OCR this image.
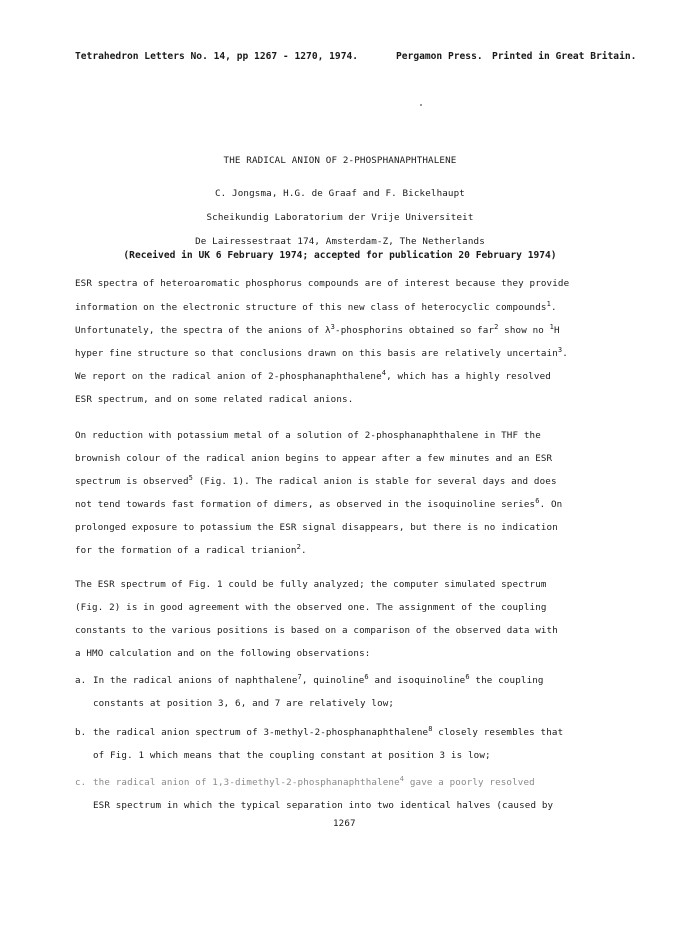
Tetrahedron Letters No. 14, pp 1267 - 1270, 1974.	Pergamon Press. Printed in Great Britain.
THE RADICAL ANION OF 2-PHOSPHANAPHTHALENE
C. Jongsma, H.G. de Graaf and F. Bickelhaupt
Scheikundig Laboratorium der Vrije Universiteit
De Lairessestraat 174, Amsterdam-Z, The Netherlands
(Received in UK 6 February 1974; accepted for publication 20 February 1974)
ESR spectra of heteroaromatic phosphorus compounds are of interest because they provide
information on the electronic structure of this new class of heterocyclic compounds$^1$.
Unfortunately, the spectra of the anions of $\lambda^3$-phosphorins obtained so far$^2$ show no $^1$H
hyper fine structure so that conclusions drawn on this basis are relatively uncertain$^3$.
We report on the radical anion of 2-phosphanaphthalene$^4$, which has a highly resolved
ESR spectrum, and on some related radical anions.
On reduction with potassium metal of a solution of 2-phosphanaphthalene in THF the
brownish colour of the radical anion begins to appear after a few minutes and an ESR
spectrum is observed$^5$ (Fig. 1). The radical anion is stable for several days and does
not tend towards fast formation of dimers, as observed in the isoquinoline series$^6$. On
prolonged exposure to potassium the ESR signal disappears, but there is no indication
for the formation of a radical trianion$^2$.
The ESR spectrum of Fig. 1 could be fully analyzed; the computer simulated spectrum
(Fig. 2) is in good agreement with the observed one. The assignment of the coupling
constants to the various positions is based on a comparison of the observed data with
a HMO calculation and on the following observations:
a. In the radical anions of naphthalene$^7$, quinoline$^6$ and isoquinoline$^6$ the coupling
constants at position 3, 6, and 7 are relatively low;
b. the radical anion spectrum of 3-methyl-2-phosphanaphthalene$^8$ closely resembles that
of Fig. 1 which means that the coupling constant at position 3 is low;
c. the radical anion of 1,3-dimethyl-2-phosphanaphthalene$^4$ gave a poorly resolved
ESR spectrum in which the typical separation into two identical halves (caused by
1267
